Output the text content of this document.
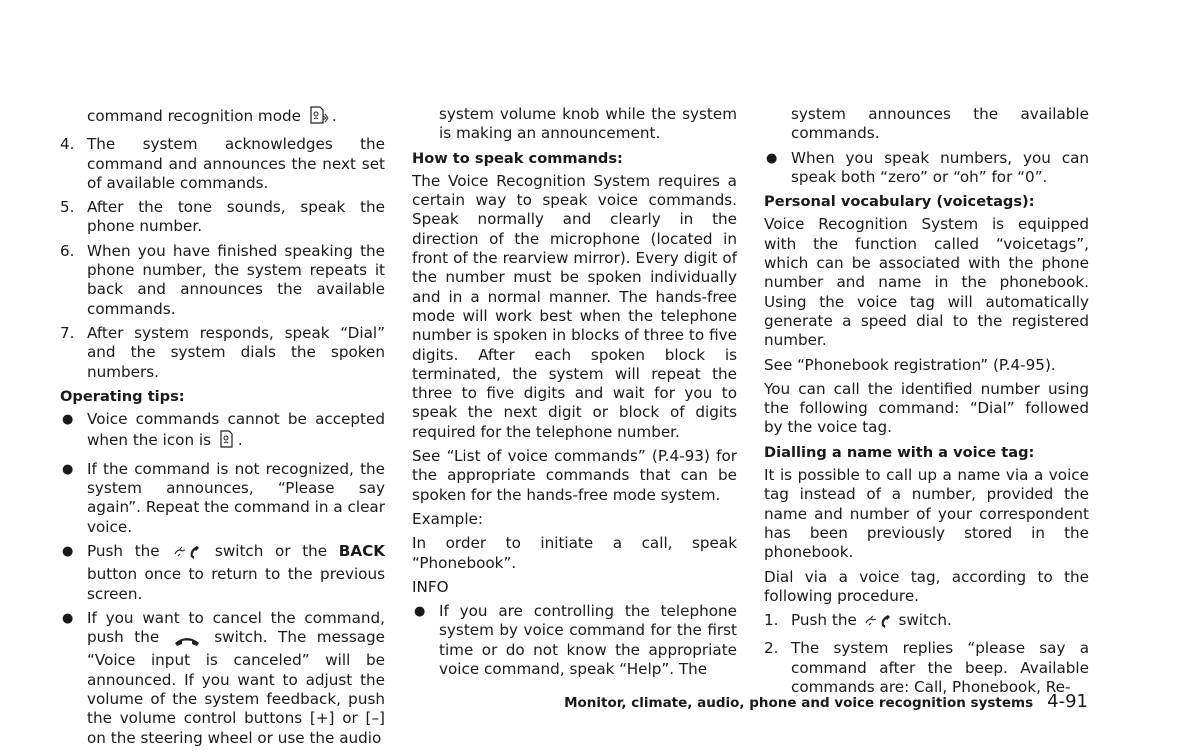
command recognition mode .

4. The system acknowledges the command and announces the next set of available commands.
5. After the tone sounds, speak the phone number.
6. When you have finished speaking the phone number, the system repeats it back and announces the available commands.
7. After system responds, speak “Dial” and the system dials the spoken numbers.
Operating tips:
● Voice commands cannot be accepted when the icon is .
● If the command is not recognized, the system announces, “Please say again”. Repeat the command in a clear voice.
● Push the	switch or the BACK button once to return to the previous screen.
● If you want to cancel the command, push the	switch. The message “Voice input is canceled” will be announced. If you want to adjust the volume of the system feedback, push the volume control buttons [+] or [–] on the steering wheel or use the audio

system volume knob while the system is making an announcement.

How to speak commands:

The Voice Recognition System requires a certain way to speak voice commands. Speak normally and clearly in the direction of the microphone (located in front of the rearview mirror). Every digit of the number must be spoken individually and in a normal manner. The hands-free mode will work best when the telephone number is spoken in blocks of three to five digits. After each spoken block is terminated, the system will repeat the three to five digits and wait for you to speak the next digit or block of digits required for the telephone number.

See “List of voice commands” (P.4-93) for the appropriate commands that can be spoken for the hands-free mode system.

Example:

In order to initiate a call, speak “Phonebook”.

INFO

● If you are controlling the telephone system by voice command for the first time or do not know the appropriate voice command, speak “Help”. The

system announces the available commands.

● When you speak numbers, you can speak both “zero” or “oh” for “0”.
Personal vocabulary (voicetags):

Voice Recognition System is equipped with the function called “voicetags”, which can be associated with the phone number and name in the phonebook. Using the voice tag will automatically generate a speed dial to the registered number.

See “Phonebook registration” (P.4-95).

You can call the identified number using the following command: “Dial” followed by the voice tag.

Dialling a name with a voice tag:

It is possible to call up a name via a voice tag instead of a number, provided the name and number of your correspondent has been previously stored in the phonebook.

Dial via a voice tag, according to the following procedure.

1. Push the	switch.
2. The system replies “please say a command after the beep. Available commands are: Call, Phonebook, Re-
Monitor, climate, audio, phone and voice recognition systems 4-91
